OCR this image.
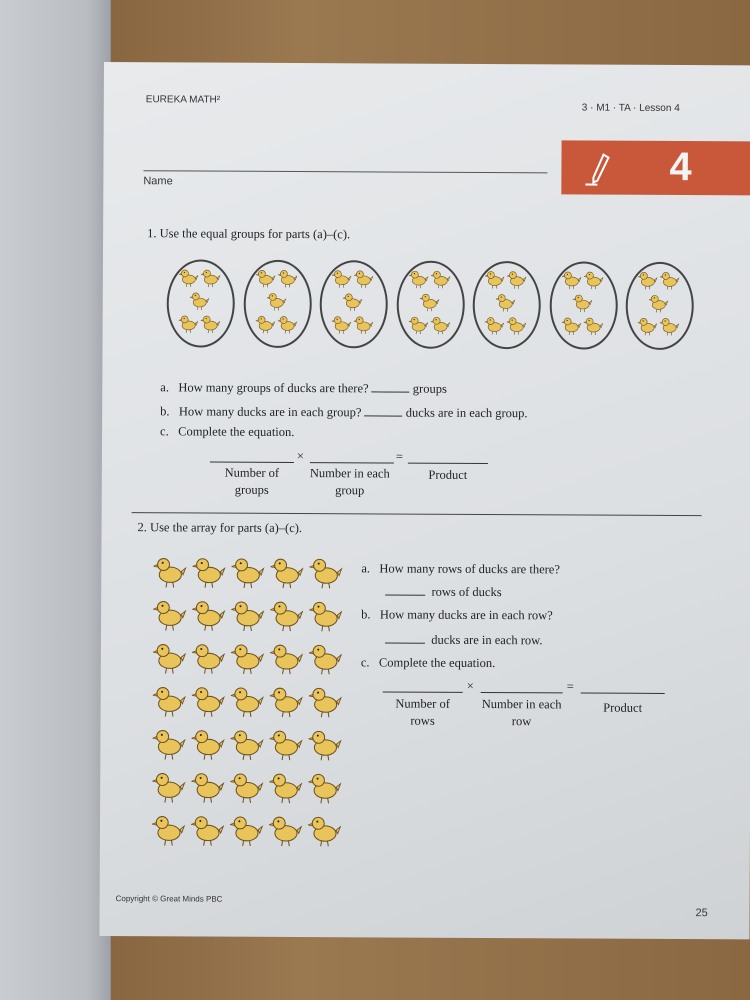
EUREKA MATH²
3 · M1 · TA · Lesson 4
Name	4
1. Use the equal groups for parts (a)–(c).
a. How many groups of ducks are there?	groups
b. How many ducks are in each group?	ducks are in each group.
c. Complete the equation.
×	=
Number of groups
Number in each group
Product
2. Use the array for parts (a)–(c).
a. How many rows of ducks are there?
rows of ducks
b. How many ducks are in each row?
ducks are in each row.
c. Complete the equation.
×	=
Number of rows
Number in each row
Product
Copyright © Great Minds PBC
25
